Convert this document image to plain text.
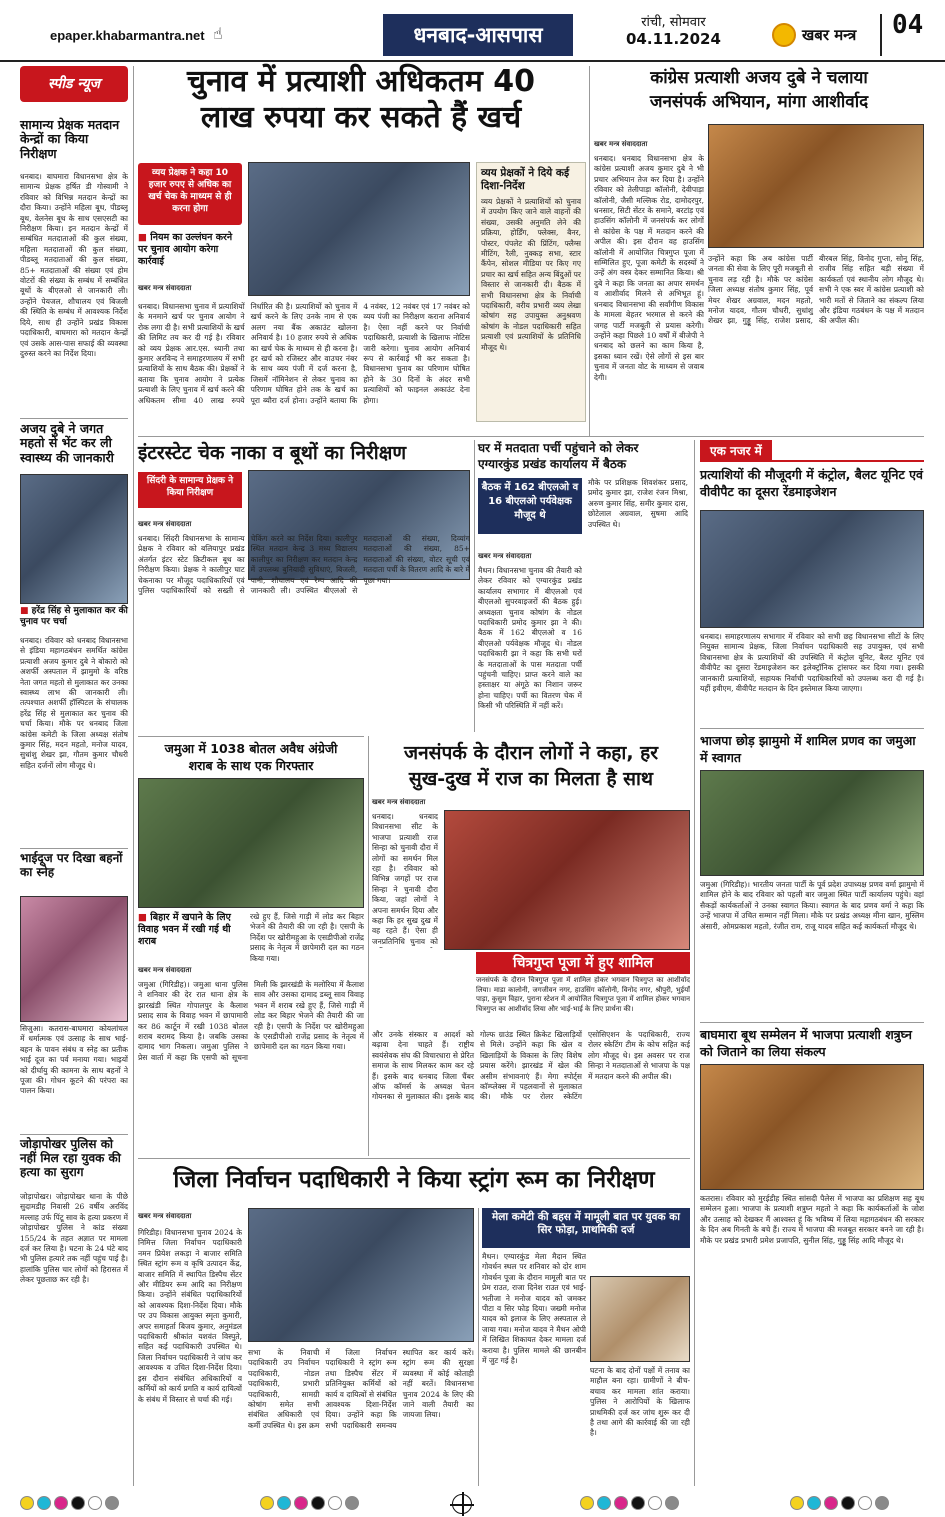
epaper.khabarmantra.net ☝	धनबाद-आसपास
रांची, सोमवार
04.11.2024	खबर मन्त्र 04
स्पीड न्यूज
सामान्य प्रेक्षक मतदान केन्द्रों का किया निरीक्षण
धनबाद। बाघमारा विधानसभा क्षेत्र के सामान्य प्रेक्षक हर्षित डी गोस्वामी ने रविवार को विभिन्न मतदान केन्द्रों का दौरा किया। उन्होंने महिला बूथ, पीडब्लू बूथ, वेलनेस बूथ के साथ एसएसटी का निरीक्षण किया। इन मतदान केन्द्रों में सम्बंधित मतदाताओं की कुल संख्या, महिला मतदाताओं की कुल संख्या, पीडब्लू मतदाताओं की कुल संख्या, 85+ मतदाताओं की संख्या एवं होम वोटरों की संख्या के सम्बंध में सम्बंधित बूथों के बीएलओ से जानकारी ली। उन्होंने पेयजल, शौचालय एवं बिजली की स्थिति के सम्बंध में आवश्यक निर्देश दिये, साथ ही उन्होंने प्रखंड विकास पदाधिकारी, बाघमारा को मतदान केन्द्रों एवं उसके आस-पास सफाई की व्यवस्था दुरुस्त करने का निर्देश दिया।
अजय दुबे ने जगत महतो से भेंट कर ली स्वास्थ्य की जानकारी
■ हरेंद्र सिंह से मुलाकात कर की चुनाव पर चर्चा
धनबाद। रविवार को धनबाद विधानसभा से इंडिया महागठबंधन समर्थित कांग्रेस प्रत्याशी अजय कुमार दुबे ने बोकारो को अशर्फी अस्पताल में झामुमो के वरिष्ठ नेता जगत महतो से मुलाकात कर उनका स्वास्थ्य लाभ की जानकारी ली। तत्पश्चात अशर्फी हॉस्पिटल के संचालक हरेंद्र सिंह से मुलाकात कर चुनाव की चर्चा किया। मौके पर धनबाद जिला कांग्रेस कमेटी के जिला अध्यक्ष संतोष कुमार सिंह, मदन महतो, मनोज यादव, सुधांशु शेखर झा, गौतम कुमार चौधरी सहित दर्जनों लोग मौजूद थे।
भाईदूज पर दिखा बहनों का स्नेह
सिजुआ। कतरास-बाघमारा कोयलांचल में धर्मात्मक एवं उत्साह के साथ भाई-बहन के पावन संबंध व स्नेह का प्रतीक भाई दूज का पर्व मनाया गया। भाइयों को दीर्घायु की कामना के साथ बहनों ने पूजा की। गोधन कूटने की परंपरा का पालन किया।
जोड़ापोखर पुलिस को नहीं मिल रहा युवक की हत्या का सुराग
जोड़ापोखर। जोड़ापोखर थाना के पीछे सुदामडीह निवासी 26 वर्षीय अरविंद मल्लाह उर्फ पिंटू साव के हत्या प्रकरण में जोड़ापोखर पुलिस ने कांड संख्या 155/24 के तहत अज्ञात पर मामला दर्ज कर लिया है। घटना के 24 घंटे बाद भी पुलिस हत्यारे तक नहीं पहुंच पाई है। हालांकि पुलिस चार लोगों को हिरासत में लेकर पूछताछ कर रही है।
चुनाव में प्रत्याशी अधिकतम 40
लाख रुपया कर सकते हैं खर्च
व्यय प्रेक्षक ने कहा 10 हजार रुपए से अधिक का खर्च चेक के माध्यम से ही करना होगा
■ नियम का उल्लंघन करने पर चुनाव आयोग करेगा कार्रवाई
खबर मन्त्र संवाददाता
व्यय प्रेक्षकों ने दिये कई दिशा-निर्देश
व्यय प्रेक्षकों ने प्रत्याशियों को चुनाव में उपयोग किए जाने वाले वाहनों की संख्या, उसकी अनुमति लेने की प्रक्रिया, होर्डिंग, फ्लेक्स, बैनर, पोस्टर, पंपलेट की प्रिंटिंग, फ्लैग्स मीटिंग, रैली, नुक्कड़ सभा, स्टार कैंपेन, सोशल मीडिया पर किए गए प्रचार का खर्च सहित अन्य बिंदुओं पर विस्तार से जानकारी दी। बैठक में सभी विधानसभा क्षेत्र के निर्वाची पदाधिकारी, वरीय प्रभारी व्यय लेखा कोषांग सह उपायुक्त अनुश्रवण कोषांग के नोडल पदाधिकारी सहित प्रत्याशी एवं प्रत्याशियों के प्रतिनिधि मौजूद थे।
धनबाद। विधानसभा चुनाव में प्रत्याशियों के मनमाने खर्च पर चुनाव आयोग ने रोक लगा दी है। सभी प्रत्याशियों के खर्च की लिमिट तय कर दी गई है। रविवार को व्यय प्रेक्षक आर.एस. ध्यानी तथा कुमार अरविन्द ने समाहरणालय में सभी प्रत्याशियों के साथ बैठक की। प्रेक्षकों ने बताया कि चुनाव आयोग ने प्रत्येक प्रत्याशी के लिए चुनाव में खर्च करने की अधिकतम सीमा 40 लाख रुपये निर्धारित की है। प्रत्याशियों को चुनाव में खर्च करने के लिए उनके नाम से एक अलग नया बैंक अकाउंट खोलना अनिवार्य है। 10 हजार रुपये से अधिक का खर्च चेक के माध्यम से ही करना है। हर खर्च को रजिस्टर और वाउचर नंबर के साथ व्यय पंजी में दर्ज करना है, जिसमें नॉमिनेशन से लेकर चुनाव का परिणाम घोषित होने तक के खर्च का पूरा ब्यौरा दर्ज होना। उन्होंने बताया कि 4 नवंबर, 12 नवंबर एवं 17 नवंबर को व्यय पंजी का निरीक्षण कराना अनिवार्य है। ऐसा नहीं करने पर निर्वाची पदाधिकारी, प्रत्याशी के खिलाफ नोटिस जारी करेगा। चुनाव आयोग अनिवार्य रूप से कार्रवाई भी कर सकता है। विधानसभा चुनाव का परिणाम घोषित होने के 30 दिनों के अंदर सभी प्रत्याशियों को फाइनल अकाउंट देना होगा।
कांग्रेस प्रत्याशी अजय दुबे ने चलाया
जनसंपर्क अभियान, मांगा आशीर्वाद
खबर मन्त्र संवाददाता
धनबाद। धनबाद विधानसभा क्षेत्र के कांग्रेस प्रत्याशी अजय कुमार दुबे ने भी प्रचार अभियान तेज कर दिया है। उन्होंने रविवार को तेलीपाड़ा कॉलोनी, देवीपाड़ा कॉलोनी, जैसी मल्लिक रोड, दामोदरपुर, धनसार, सिटी सेंटर के समाने, बरटांड़ एवं हाउसिंग कॉलोनी में जनसंपर्क कर लोगों से कांग्रेस के पक्ष में मतदान करने की अपील की। इस दौरान वह हाउसिंग कॉलोनी में आयोजित चित्रगुप्त पूजा में सम्मिलित हुए, पूजा कमेटी के सदस्यों ने उन्हें अंग वस्त्र देकर सम्मानित किया। श्री दुबे ने कहा कि जनता का अपार समर्थन व आशीर्वाद मिलने से अभिभूत हूं। धनबाद विधानसभा की सर्वांगीण विकास के मामला बेहतर भरमाल से करने की जगह पार्टी मजबूती से प्रयास करेगी। उन्होंने कहा पिछले 10 वर्षों में बीजेपी ने धनबाद को छलने का काम किया है, इसका ध्यान रखें। ऐसे लोगों से इस बार चुनाव में जनता वोट के माध्यम से जवाब देगी।
उन्होंने कहा कि अब कांग्रेस पार्टी जनता की सेवा के लिए पूरी मजबूती से चुनाव लड़ रही है। मौके पर कांग्रेस जिला अध्यक्ष संतोष कुमार सिंह, पूर्व मेयर शेखर अग्रवाल, मदन महतो, मनोज यादव, गौतम चौधरी, सुधांशु शेखर झा, गुड्डू सिंह, राजेश प्रसाद, बीरबल सिंह, विनोद गुप्ता, सोनू सिंह, राजीव सिंह सहित बड़ी संख्या में कार्यकर्ता एवं स्थानीय लोग मौजूद थे। सभी ने एक स्वर में कांग्रेस प्रत्याशी को भारी मतों से जिताने का संकल्प लिया और इंडिया गठबंधन के पक्ष में मतदान की अपील की।
इंटरस्टेट चेक नाका व बूथों का निरीक्षण
सिंदरी के सामान्य प्रेक्षक ने किया निरीक्षण
खबर मन्त्र संवाददाता
धनबाद। सिंदरी विधानसभा के सामान्य प्रेक्षक ने रविवार को बलियापुर प्रखंड अंतर्गत इंटर स्टेट क्रिटीकल बूथ का निरीक्षण किया। प्रेक्षक ने कालीपुर घाट चेकनाका पर मौजूद पदाधिकारियों एवं पुलिस पदाधिकारियों को सख्ती से चेकिंग करने का निर्देश दिया। कालीपुर स्थित मतदान केन्द्र 3 मध्य विद्यालय कालीपुर का निरीक्षण कर मतदान केन्द्र में उपलब्ध बुनियादी सुविधाएं, बिजली, पानी, शौचालय एवं रैम्प आदि की जानकारी ली। उपस्थित बीएलओ से मतदाताओं की संख्या, दिव्यांग मतदाताओं की संख्या, 85+ मतदाताओं की संख्या, वोटर सूची एवं मतदाता पर्ची के वितरण आदि के बारे में पूछा गया।
घर में मतदाता पर्ची पहुंचाने को लेकर
एग्यारकुंड प्रखंड कार्यालय में बैठक
बैठक में 162 बीएलओ व 16 बीएलओ पर्यवेक्षक मौजूद थे
खबर मन्त्र संवाददाता
मैथन। विधानसभा चुनाव की तैयारी को लेकर रविवार को एग्यारकुंड प्रखंड कार्यालय सभागार में बीएलओ एवं बीएलओ सुपरवाइजरों की बैठक हुई। अध्यक्षता चुनाव कोषांग के नोडल पदाधिकारी प्रमोद कुमार झा ने की। बैठक में 162 बीएलओ व 16 बीएलओ पर्यवेक्षक मौजूद थे। नोडल पदाधिकारी झा ने कहा कि सभी घरों के मतदाताओं के पास मतदाता पर्ची पहुंचनी चाहिए। प्राप्त करने वाले का हस्ताक्षर या अंगूठे का निशान जरूर होना चाहिए। पर्ची का वितरण चेक में किसी भी परिस्थिति में नहीं करें।
मौके पर प्रशिक्षक शिवशंकर प्रसाद, प्रमोद कुमार झा, राजेश रंजन मिश्रा, अरुण कुमार सिंह, समीर कुमार दास, छोटेलाल अग्रवाल, सुषमा आदि उपस्थित थे।
जमुआ में 1038 बोतल अवैध अंग्रेजी
शराब के साथ एक गिरफ्तार
■ बिहार में खपाने के लिए विवाह भवन में रखी गई थी शराब
खबर मन्त्र संवाददाता
जमुआ (गिरिडीह)। जमुआ थाना पुलिस ने शनिवार की देर रात थाना क्षेत्र के झारखंडी स्थित गोपालपुर के कैलाश प्रसाद साव के विवाह भवन में छापामारी कर 86 कार्टून में रखी 1038 बोतल शराब बरामद किया है। जबकि उसका दामाद भाग निकला। जमुआ पुलिस ने प्रेस वार्ता में कहा कि एसपी को सूचना मिली कि झारखंडी के मलोरिया में कैलाश साव और उसका दामाद डब्लू साव विवाह भवन में शराब रखे हुए हैं, जिसे गाड़ी में लोड कर बिहार भेजने की तैयारी की जा रही है। एसपी के निर्देश पर खोरीमहुआ के एसडीपीओ राजेंद्र प्रसाद के नेतृत्व में छापेमारी दल का गठन किया गया।
रखे हुए हैं, जिसे गाड़ी में लोड कर बिहार भेजने की तैयारी की जा रही है। एसपी के निर्देश पर खोरीमहुआ के एसडीपीओ राजेंद्र प्रसाद के नेतृत्व में छापेमारी दल का गठन किया गया।
जनसंपर्क के दौरान लोगों ने कहा, हर
सुख-दुख में राज का मिलता है साथ
खबर मन्त्र संवाददाता
धनबाद। धनबाद विधानसभा सीट के भाजपा प्रत्याशी राज सिन्हा को चुनावी दौरा में लोगों का समर्थन मिल रहा है। रविवार को विभिन्न जगहों पर राज सिन्हा ने चुनावी दौरा किया, जहां लोगों ने अपना समर्थन दिया और कहा कि हर सुख दुख में वह रहते हैं। ऐसा ही जनप्रतिनिधि चुनाव को
चित्रगुप्त पूजा में हुए शामिल
जनसंपर्क के दौरान चित्रगुप्त पूजा में शामिल होकर भगवान चित्रगुप्त का आशीर्वाद लिया। माडा कालोनी, जगजीवन नगर, हाउसिंग कॉलोनी, विनोद नगर, श्रीपुरी, भुईयाँ पाड़ा, कुसुम विहार, पुराना स्टेशन में आयोजित चित्रगुप्त पूजा में शामिल होकर भगवान चित्रगुप्त का आशीर्वाद लिया और भाई-भाई के लिए प्रार्थना की।
और उनके संस्कार व आदर्श को बढ़ावा देना चाहते हैं। राष्ट्रीय स्वयंसेवक संघ की विचारधारा से प्रेरित समाज के साथ मिलकर काम कर रहे हैं। इसके बाद धनबाद जिला चैंबर ऑफ कॉमर्स के अध्यक्ष चेतन गोयनका से मुलाकात की। इसके बाद गोल्फ ग्राउंड स्थित क्रिकेट खिलाड़ियों से मिले। उन्होंने कहा कि खेल व खिलाड़ियों के विकास के लिए विशेष प्रयास करेंगे। झारखंड में खेल की असीम संभावनाएं हैं। मेगा स्पोर्ट्स कॉम्प्लेक्स में पहलवानों से मुलाकात की। मौके पर रोलर स्केटिंग एसोसिएशन के पदाधिकारी, राज्य रोलर स्केटिंग टीम के कोच सहित कई लोग मौजूद थे। इस अवसर पर राज सिन्हा ने मतदाताओं से भाजपा के पक्ष में मतदान करने की अपील की।
जिला निर्वाचन पदाधिकारी ने किया स्ट्रांग रूम का निरीक्षण
खबर मन्त्र संवाददाता
गिरिडीह। विधानसभा चुनाव 2024 के निमित्त जिला निर्वाचन पदाधिकारी नमन प्रियेश लकड़ा ने बाजार समिति स्थित स्ट्रांग रूम व कृषि उत्पादन केंद्र, बाजार समिति में स्थापित डिस्पैच सेंटर और मीडियर रूम आदि का निरीक्षण किया। उन्होंने संबंधित पदाधिकारियों को आवश्यक दिशा-निर्देश दिया। मौके पर उप विकास आयुक्त स्मृता कुमारी, अपर समाहर्ता बिजय कुमार, अनुमंडल पदाधिकारी श्रीकांत यशवंत विस्पुते, सहित कई पदाधिकारी उपस्थित थे। जिला निर्वाचन पदाधिकारी ने जांच कर आवश्यक व उचित दिशा-निर्देश दिया। इस दौरान संबंधित अधिकारियों व कर्मियों को कार्य प्रगति व कार्य दायित्वों के संबंध में विस्तार से चर्चा की गई।
सभा के निवाची पदाधिकारी उप निर्वाचन पदाधिकारी, नोडल पदाधिकारी, प्रभारी पदाधिकारी, सामग्री कोषांग समेत सभी संबंधित अधिकारी एवं कर्मी उपस्थित थे। इस क्रम में जिला निर्वाचन पदाधिकारी ने स्ट्रांग रूम तथा डिस्पैच सेंटर में प्रतिनियुक्त कर्मियों को कार्य व दायित्वों से संबंधित आवश्यक दिशा-निर्देश दिया। उन्होंने कहा कि सभी पदाधिकारी समन्वय स्थापित कर कार्य करें। स्ट्रांग रूम की सुरक्षा व्यवस्था में कोई कोताही नहीं बरतें। विधानसभा चुनाव 2024 के लिए की जाने वाली तैयारी का जायजा लिया।
मेला कमेटी की बहस में मामूली बात पर युवक का सिर फोड़ा, प्राथमिकी दर्ज
मैथन। एग्यारकुंड मेला मैदान स्थित गोवर्धन स्थल पर शनिवार को दोर शाम गोवर्धन पूजा के दौरान मामूली बात पर प्रेम राउत, राजा दिनेश राउत एवं भाई-भतीजा ने मनोज यादव को जमकर पीटा व सिर फोड़ दिया। जख्मी मनोज यादव को इलाज के लिए अस्पताल ले जाया गया। मनोज यादव ने मैथन ओपी में लिखित शिकायत देकर मामला दर्ज कराया है। पुलिस मामले की छानबीन में जुट गई है।
घटना के बाद दोनों पक्षों में तनाव का माहौल बना रहा। ग्रामीणों ने बीच-बचाव कर मामला शांत कराया। पुलिस ने आरोपियों के खिलाफ प्राथमिकी दर्ज कर जांच शुरू कर दी है तथा आगे की कार्रवाई की जा रही है।
एक नजर में
प्रत्याशियों की मौजूदगी में कंट्रोल, बैलट यूनिट एवं वीवीपैट का दूसरा रेंडमाइजेशन
धनबाद। समाहरणालय सभागार में रविवार को सभी छह विधानसभा सीटों के लिए नियुक्त सामान्य प्रेक्षक, जिला निर्वाचन पदाधिकारी सह उपायुक्त, एवं सभी विधानसभा क्षेत्र के प्रत्याशियों की उपस्थिति में कंट्रोल यूनिट, बैलट यूनिट एवं वीवीपैट का दूसरा रेंडमाइजेशन कर इलेक्ट्रॉनिक ट्रांसफर कर दिया गया। इसकी जानकारी प्रत्याशियों, सहायक निर्वाची पदाधिकारियों को उपलब्ध करा दी गई है। यहीं इवीएम, वीवीपैट मतदान के दिन इस्तेमाल किया जाएगा।
भाजपा छोड़ झामुमो में शामिल प्रणव का जमुआ में स्वागत
जमुआ (गिरिडीह)। भारतीय जनता पार्टी के पूर्व प्रदेश उपाध्यक्ष प्रणव वर्मा झामुमो में शामिल होने के बाद रविवार को पहली बार जमुआ स्थित पार्टी कार्यालय पहुंचे। वहां सैकड़ों कार्यकर्ताओं ने उनका स्वागत किया। स्वागत के बाद प्रणव वर्मा ने कहा कि उन्हें भाजपा में उचित सम्मान नहीं मिला। मौके पर प्रखंड अध्यक्ष मीना खान, मुस्लिम अंसारी, ओमप्रकाश महतो, रंजीत राम, राजू यादव सहित कई कार्यकर्ता मौजूद थे।
बाघमारा बूथ सम्मेलन में भाजपा प्रत्याशी शत्रुघ्न को जिताने का लिया संकल्प
कतरास। रविवार को मुरईडीह स्थित सांसदी पैलेस में भाजपा का प्रशिक्षण सह बूथ सम्मेलन हुआ। भाजपा के प्रत्याशी शत्रुघ्न महतो ने कहा कि कार्यकर्ताओं के जोश और उत्साह को देखकर मैं आश्वस्त हूं कि भविष्य में लिया महागठबंधन की सरकार के दिन अब गिनती के बचे हैं। राज्य में भाजपा की मजबूत सरकार बनने जा रही है। मौके पर प्रखंड प्रभारी प्रमेश प्रजापति, सुनील सिंह, गुड्डू सिंह आदि मौजूद थे।
